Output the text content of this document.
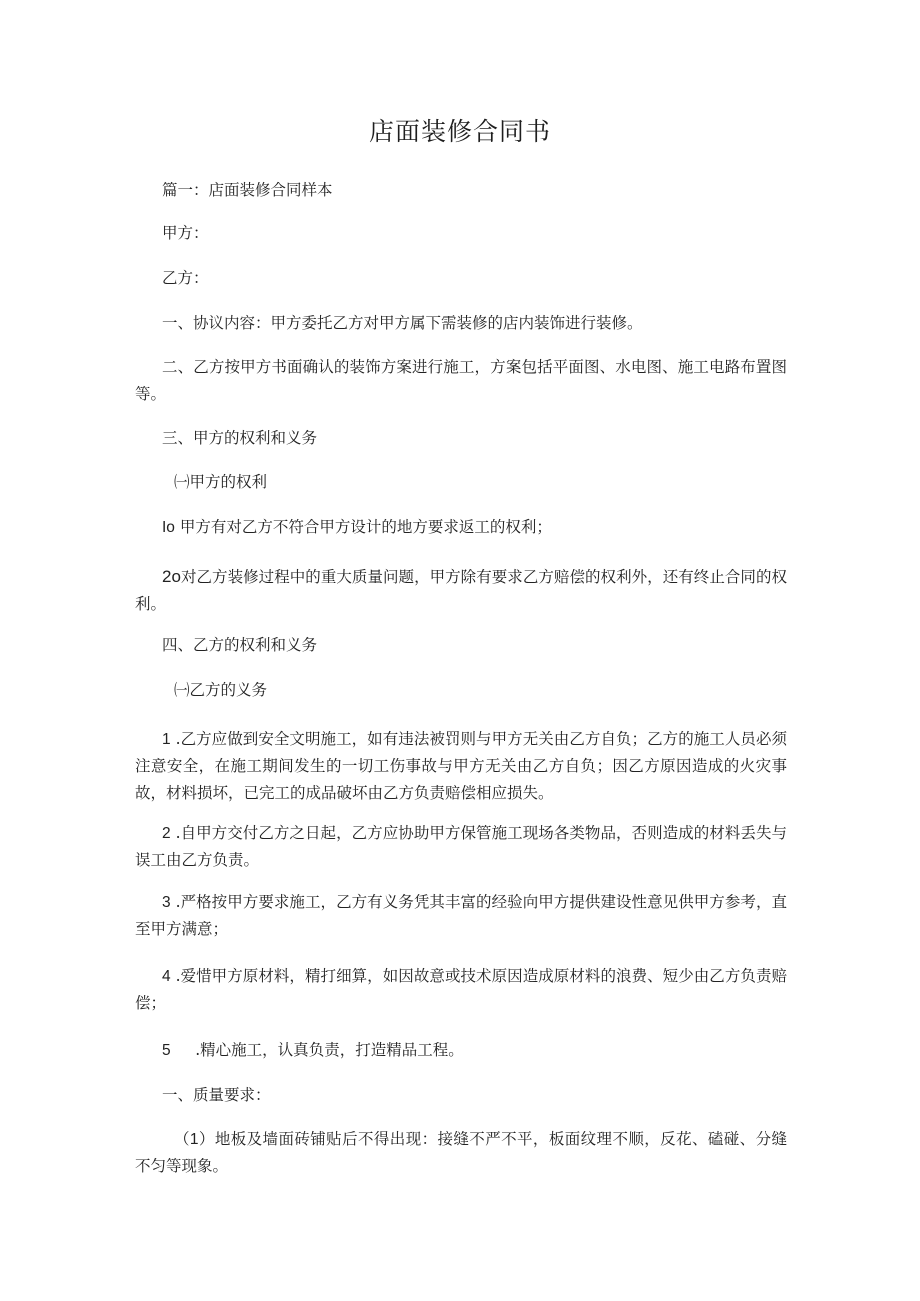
店面装修合同书

篇一：店面装修合同样本

甲方：

乙方：

一、协议内容：甲方委托乙方对甲方属下需装修的店内装饰进行装修。

二、乙方按甲方书面确认的装饰方案进行施工，方案包括平面图、水电图、施工电路布置图等。

三、甲方的权利和义务

㈠甲方的权利

Io 甲方有对乙方不符合甲方设计的地方要求返工的权利；

2o对乙方装修过程中的重大质量问题，甲方除有要求乙方赔偿的权利外，还有终止合同的权利。

四、乙方的权利和义务

㈠乙方的义务

1 .乙方应做到安全文明施工，如有违法被罚则与甲方无关由乙方自负；乙方的施工人员必须注意安全，在施工期间发生的一切工伤事故与甲方无关由乙方自负；因乙方原因造成的火灾事故，材料损坏，已完工的成品破坏由乙方负责赔偿相应损失。

2 .自甲方交付乙方之日起，乙方应协助甲方保管施工现场各类物品，否则造成的材料丢失与误工由乙方负责。

3 .严格按甲方要求施工，乙方有义务凭其丰富的经验向甲方提供建设性意见供甲方参考，直至甲方满意；

4 .爱惜甲方原材料，精打细算，如因故意或技术原因造成原材料的浪费、短少由乙方负责赔偿；

5     .精心施工，认真负责，打造精品工程。

一、质量要求：

（1）地板及墙面砖铺贴后不得出现：接缝不严不平，板面纹理不顺，反花、磕碰、分缝不匀等现象。
